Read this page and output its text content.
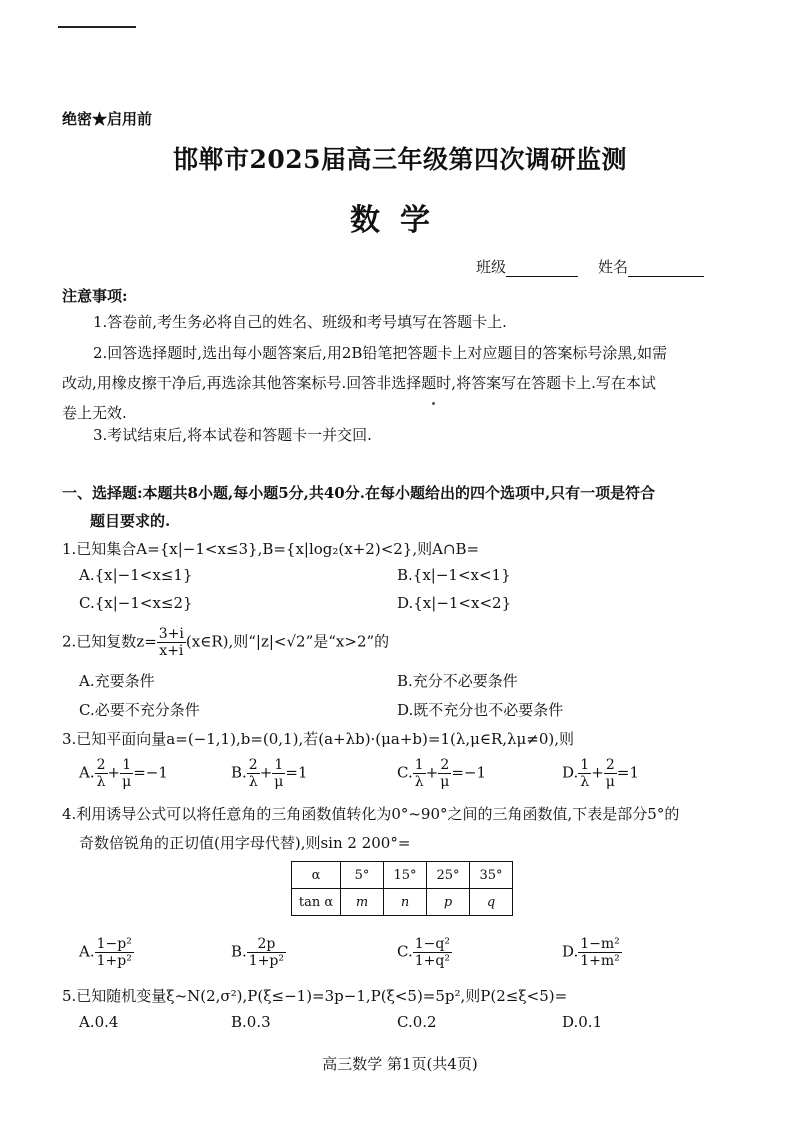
绝密★启用前
邯郸市2025届高三年级第四次调研监测
数学
班级	姓名
注意事项:
1.答卷前,考生务必将自己的姓名、班级和考号填写在答题卡上.
2.回答选择题时,选出每小题答案后,用2B铅笔把答题卡上对应题目的答案标号涂黑,如需
改动,用橡皮擦干净后,再选涂其他答案标号.回答非选择题时,将答案写在答题卡上.写在本试
卷上无效.
3.考试结束后,将本试卷和答题卡一并交回.
一、选择题:本题共8小题,每小题5分,共40分.在每小题给出的四个选项中,只有一项是符合
题目要求的.
1.已知集合A={x|−1<x≤3},B={x|log₂(x+2)<2},则A∩B=
A.{x|−1<x≤1}	B.{x|−1<x<1}
C.{x|−1<x≤2}	D.{x|−1<x<2}
2.已知复数$z= \frac{3+i}{x+i}$ (x∈R),则“|z|<√2”是“x>2”的
A.充要条件	B.充分不必要条件
C.必要不充分条件	D.既不充分也不必要条件
3.已知平面向量a=(−1,1),b=(0,1),若(a+λb)·(μa+b)=1(λ,μ∈R,λμ≠0),则
A. $\frac{2}{\lambda} + \frac{1}{\mu} =-1$	B. $\frac{2}{\lambda} + \frac{1}{\mu} =1$	C. $\frac{1}{\lambda} + \frac{2}{\mu} =-1$	D. $\frac{1}{\lambda} + \frac{2}{\mu} =1$
4.利用诱导公式可以将任意角的三角函数值转化为0°~90°之间的三角函数值,下表是部分5°的
奇数倍锐角的正切值(用字母代替),则sin 2 200°=
α	5°	15°	25°	35°
tan α	m	n	p	q
A. $\frac{\text{1−p²}}{\text{1+p²}}$	B. $\frac{2p}{\text{1+p²}}$	C. $\frac{\text{1−q²}}{\text{1+q²}}$	D. $\frac{\text{1−m²}}{\text{1+m²}}$
5.已知随机变量ξ~N(2,σ²),P(ξ≤−1)=3p−1,P(ξ<5)=5p²,则P(2≤ξ<5)=
A.0.4	B.0.3	C.0.2	D.0.1
高三数学 第1页(共4页)
